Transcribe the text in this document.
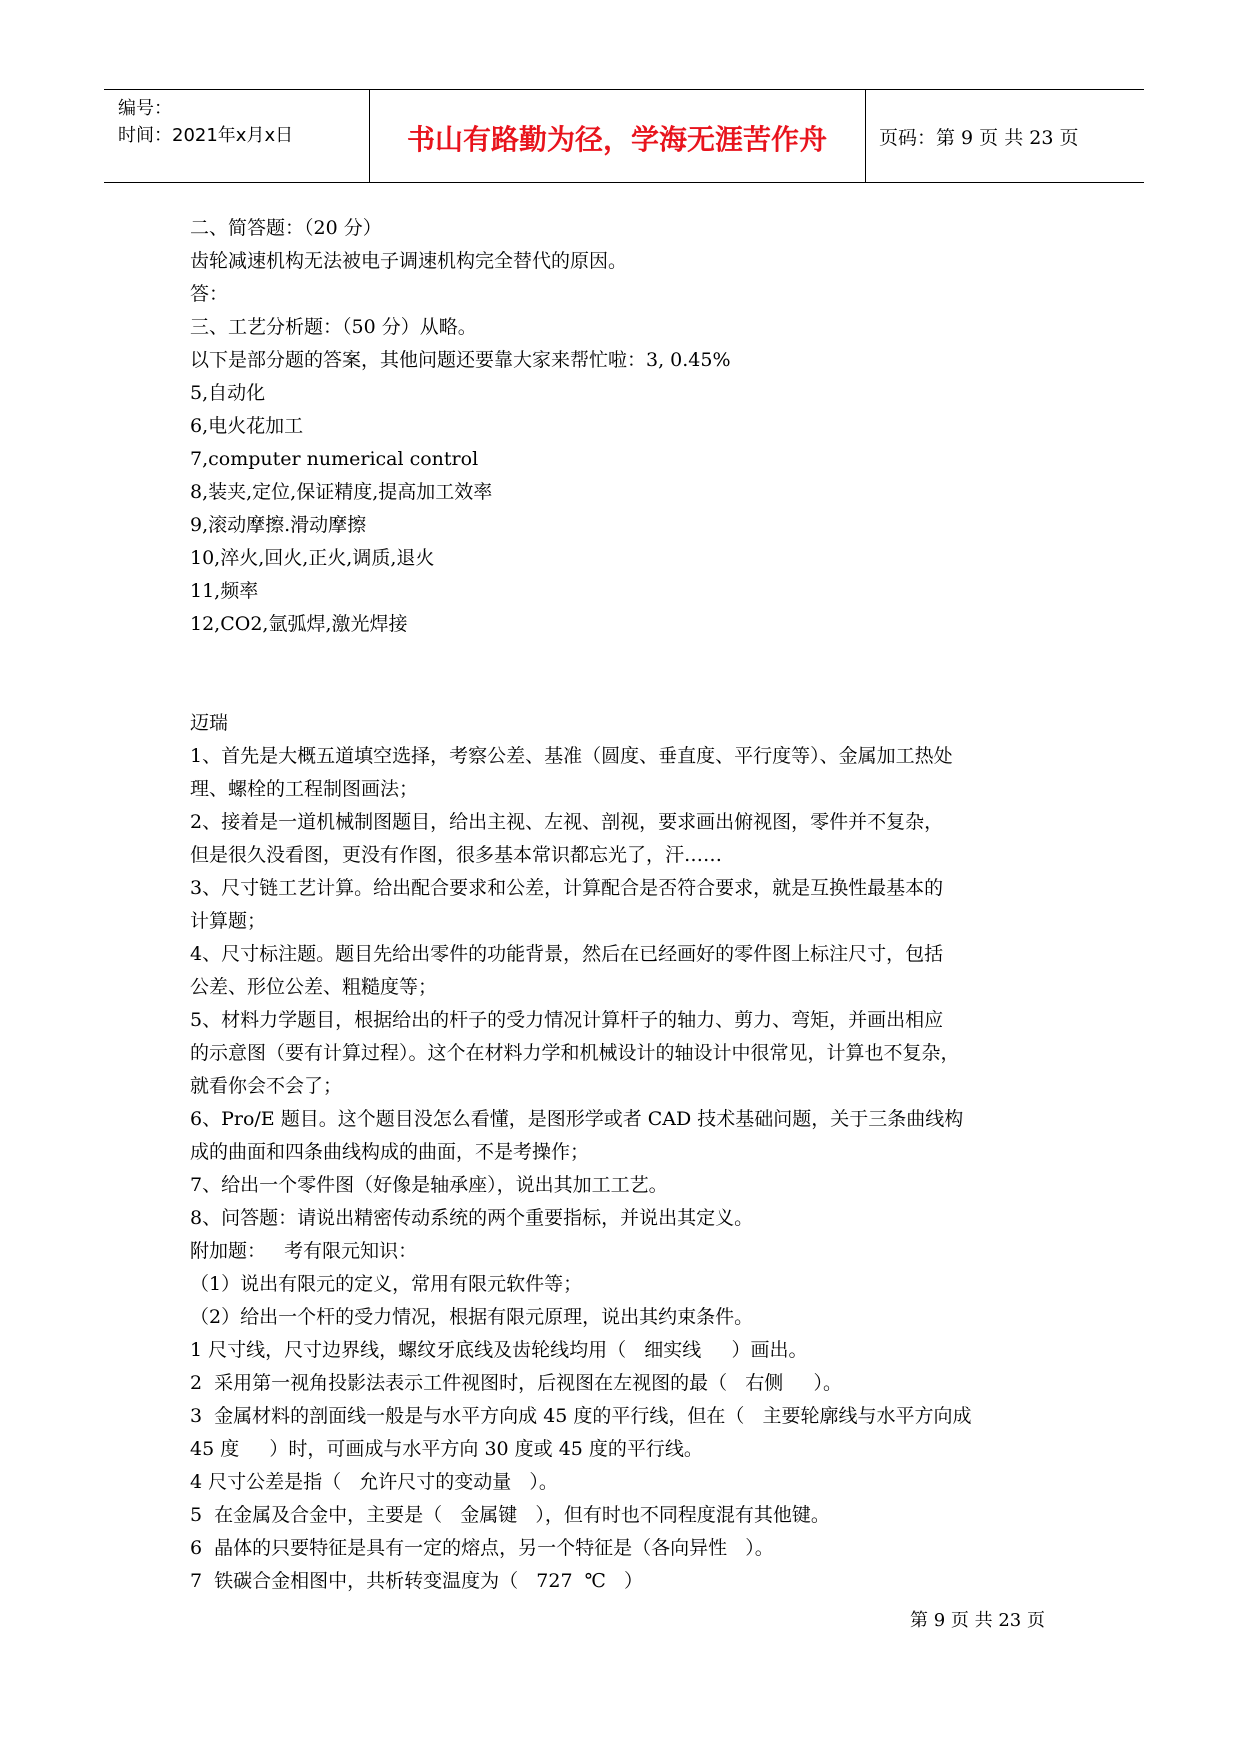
编号：
时间：2021年x月x日	书山有路勤为径，学海无涯苦作舟	页码：第 9 页 共 23 页

二、简答题：（20 分）

齿轮减速机构无法被电子调速机构完全替代的原因。

答：

三、工艺分析题：（50 分）从略。

以下是部分题的答案，其他问题还要靠大家来帮忙啦：3, 0.45%

5,自动化

6,电火花加工

7,computer numerical control

8,装夹,定位,保证精度,提高加工效率

9,滚动摩擦.滑动摩擦

10,淬火,回火,正火,调质,退火

11,频率

12,CO2,氩弧焊,激光焊接

迈瑞

1、首先是大概五道填空选择，考察公差、基准（圆度、垂直度、平行度等）、金属加工热处

理、螺栓的工程制图画法；

2、接着是一道机械制图题目，给出主视、左视、剖视，要求画出俯视图，零件并不复杂，

但是很久没看图，更没有作图，很多基本常识都忘光了，汗……

3、尺寸链工艺计算。给出配合要求和公差，计算配合是否符合要求，就是互换性最基本的

计算题；

4、尺寸标注题。题目先给出零件的功能背景，然后在已经画好的零件图上标注尺寸，包括

公差、形位公差、粗糙度等；

5、材料力学题目，根据给出的杆子的受力情况计算杆子的轴力、剪力、弯矩，并画出相应

的示意图（要有计算过程）。这个在材料力学和机械设计的轴设计中很常见，计算也不复杂，

就看你会不会了；

6、Pro/E 题目。这个题目没怎么看懂，是图形学或者 CAD 技术基础问题，关于三条曲线构

成的曲面和四条曲线构成的曲面，不是考操作；

7、给出一个零件图（好像是轴承座），说出其加工工艺。

8、问答题：请说出精密传动系统的两个重要指标，并说出其定义。

附加题：   考有限元知识：

（1）说出有限元的定义，常用有限元软件等；

（2）给出一个杆的受力情况，根据有限元原理，说出其约束条件。

1 尺寸线，尺寸边界线，螺纹牙底线及齿轮线均用（   细实线     ）画出。

2  采用第一视角投影法表示工件视图时，后视图在左视图的最（   右侧     ）。

3  金属材料的剖面线一般是与水平方向成 45 度的平行线，但在（   主要轮廓线与水平方向成

45 度     ）时，可画成与水平方向 30 度或 45 度的平行线。

4 尺寸公差是指（   允许尺寸的变动量   ）。

5  在金属及合金中，主要是（   金属键   ），但有时也不同程度混有其他键。

6  晶体的只要特征是具有一定的熔点，另一个特征是（各向异性   ）。

7  铁碳合金相图中，共析转变温度为（   727  ℃   ）

第 9 页 共 23 页
